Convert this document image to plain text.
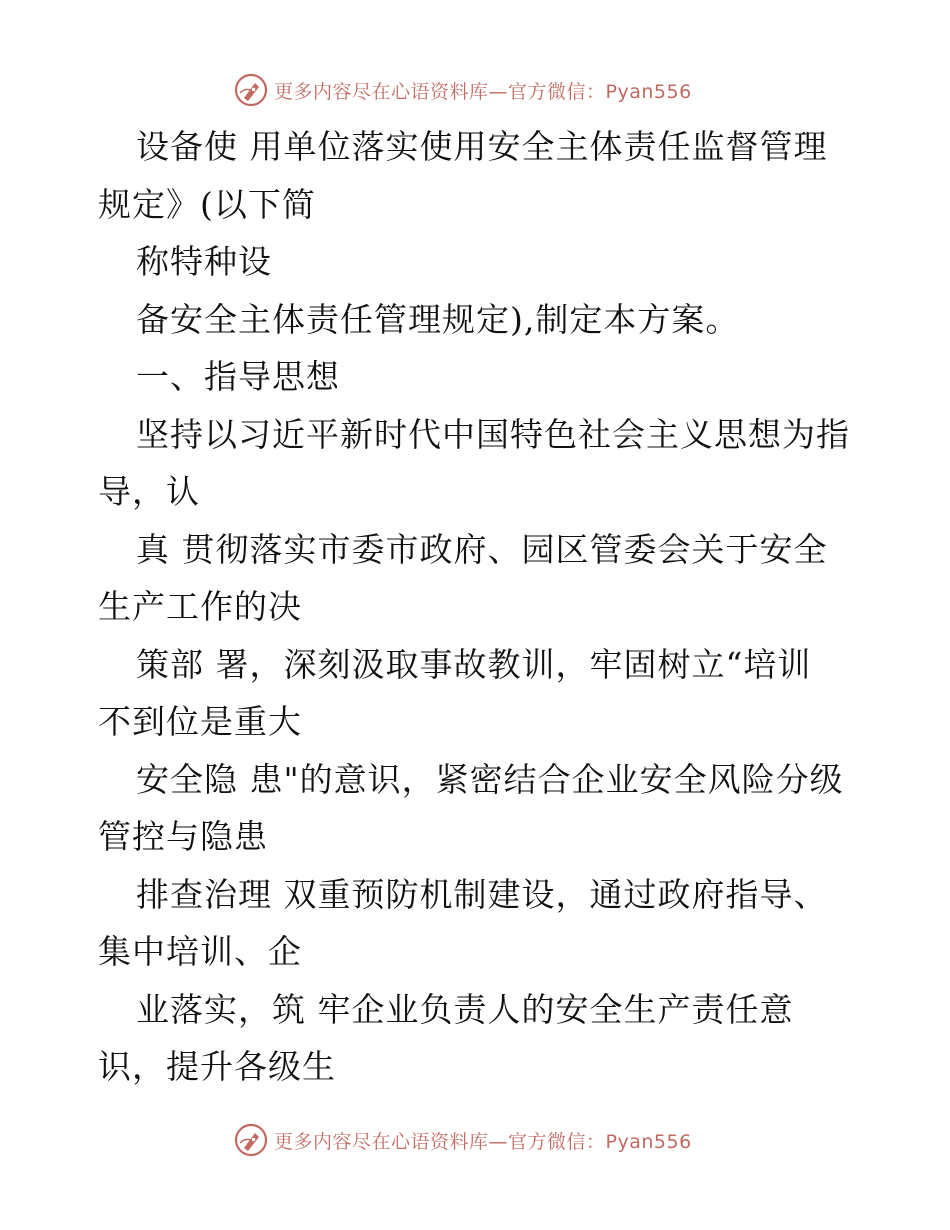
更多内容尽在心语资料库—官方微信：Pyan556
设备使 用单位落实使用安全主体责任监督管理
规定》(以下简
称特种设
备安全主体责任管理规定),制定本方案。
一、指导思想
坚持以习近平新时代中国特色社会主义思想为指
导，认
真 贯彻落实市委市政府、园区管委会关于安全
生产工作的决
策部 署，深刻汲取事故教训，牢固树立“培训
不到位是重大
安全隐 患"的意识，紧密结合企业安全风险分级
管控与隐患
排查治理 双重预防机制建设，通过政府指导、
集中培训、企
业落实，筑 牢企业负责人的安全生产责任意
识，提升各级生
更多内容尽在心语资料库—官方微信：Pyan556
